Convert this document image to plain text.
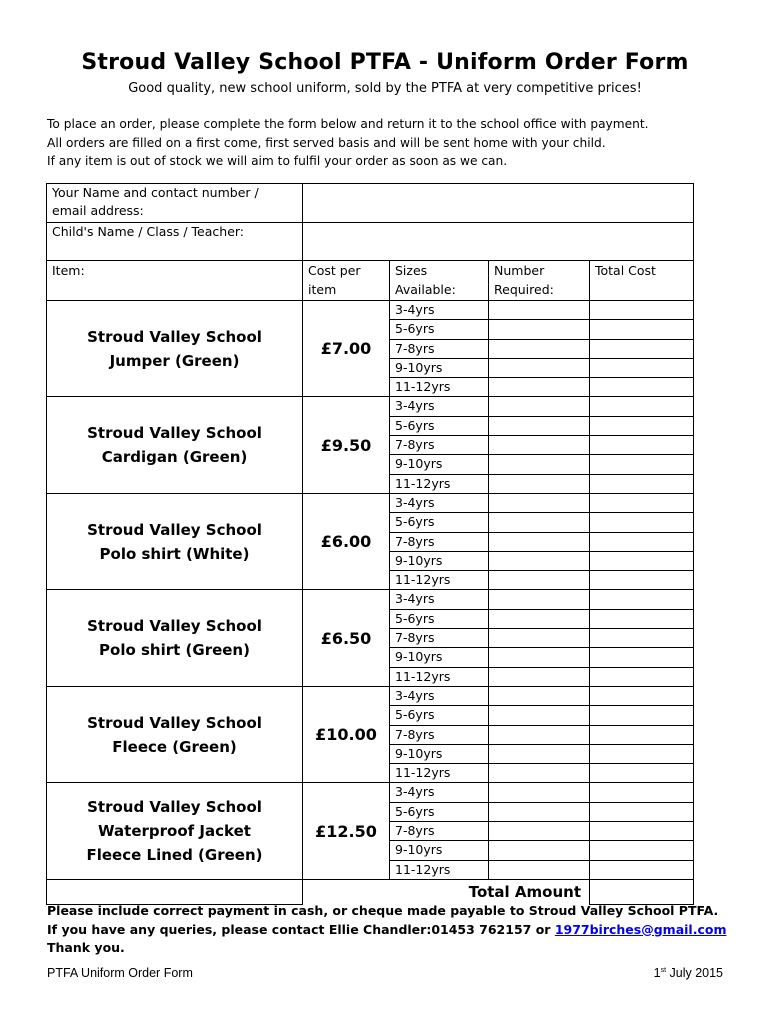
Stroud Valley School PTFA - Uniform Order Form
Good quality, new school uniform, sold by the PTFA at very competitive prices!
To place an order, please complete the form below and return it to the school office with payment.
All orders are filled on a first come, first served basis and will be sent home with your child.
If any item is out of stock we will aim to fulfil your order as soon as we can.
Your Name and contact number / email address:				
Child's Name / Class / Teacher:				
Item:	Cost per item	Sizes Available:	Number Required:	Total Cost

Stroud Valley School
Jumper (Green)	£7.00	3-4yrs		
		5-6yrs		
		7-8yrs		
		9-10yrs		
		11-12yrs		

Stroud Valley School
Cardigan (Green)	£9.50	3-4yrs		
		5-6yrs		
		7-8yrs		
		9-10yrs		
		11-12yrs		

Stroud Valley School
Polo shirt (White)	£6.00	3-4yrs		
		5-6yrs		
		7-8yrs		
		9-10yrs		
		11-12yrs		

Stroud Valley School
Polo shirt (Green)	£6.50	3-4yrs		
		5-6yrs		
		7-8yrs		
		9-10yrs		
		11-12yrs		

Stroud Valley School
Fleece (Green)	£10.00	3-4yrs		
		5-6yrs		
		7-8yrs		
		9-10yrs		
		11-12yrs		

Stroud Valley School
Waterproof Jacket
Fleece Lined (Green)	£12.50	3-4yrs		
		5-6yrs		
		7-8yrs		
		9-10yrs		
		11-12yrs		
	Total Amount			
Please include correct payment in cash, or cheque made payable to Stroud Valley School PTFA.
If you have any queries, please contact Ellie Chandler:01453 762157 or 1977birches@gmail.com
Thank you.
PTFA Uniform Order Form	1st July 2015
